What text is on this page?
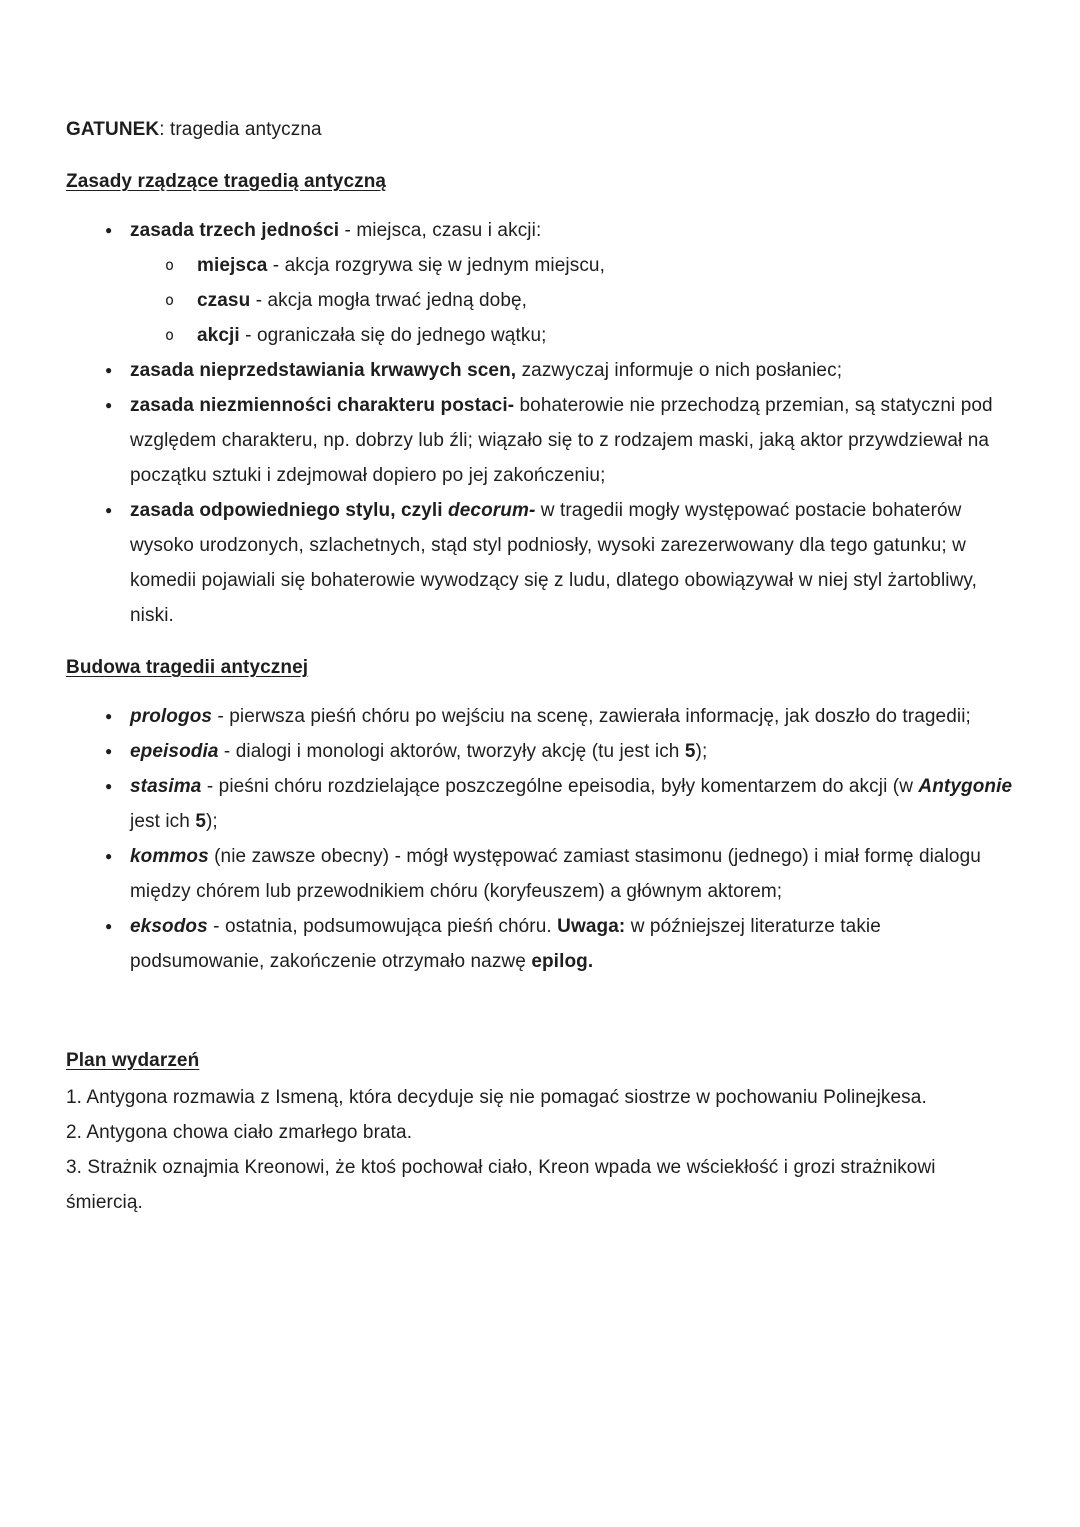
GATUNEK: tragedia antyczna

Zasady rządzące tragedią antyczną
● zasada trzech jedności - miejsca, czasu i akcji:

o	miejsca - akcja rozgrywa się w jednym miejscu,

o	czasu - akcja mogła trwać jedną dobę,

o	akcji - ograniczała się do jednego wątku;

● zasada nieprzedstawiania krwawych scen, zazwyczaj informuje o nich posłaniec;

● zasada niezmienności charakteru postaci- bohaterowie nie przechodzą przemian, są statyczni pod względem charakteru, np. dobrzy lub źli; wiązało się to z rodzajem maski, jaką aktor przywdziewał na początku sztuki i zdejmował dopiero po jej zakończeniu;

● zasada odpowiedniego stylu, czyli decorum- w tragedii mogły występować postacie bohaterów wysoko urodzonych, szlachetnych, stąd styl podniosły, wysoki zarezerwowany dla tego gatunku; w komedii pojawiali się bohaterowie wywodzący się z ludu, dlatego obowiązywał w niej styl żartobliwy, niski.

Budowa tragedii antycznej
● prologos - pierwsza pieśń chóru po wejściu na scenę, zawierała informację, jak doszło do tragedii;

● epeisodia - dialogi i monologi aktorów, tworzyły akcję (tu jest ich 5);

● stasima - pieśni chóru rozdzielające poszczególne epeisodia, były komentarzem do akcji (w Antygonie jest ich 5);

● kommos (nie zawsze obecny) - mógł występować zamiast stasimonu (jednego) i miał formę dialogu między chórem lub przewodnikiem chóru (koryfeuszem) a głównym aktorem;

● eksodos - ostatnia, podsumowująca pieśń chóru. Uwaga: w późniejszej literaturze takie podsumowanie, zakończenie otrzymało nazwę epilog.

Plan wydarzeń

1. Antygona rozmawia z Ismeną, która decyduje się nie pomagać siostrze w pochowaniu Polinejkesa.

2. Antygona chowa ciało zmarłego brata.

3. Strażnik oznajmia Kreonowi, że ktoś pochował ciało, Kreon wpada we wściekłość i grozi strażnikowi śmiercią.
